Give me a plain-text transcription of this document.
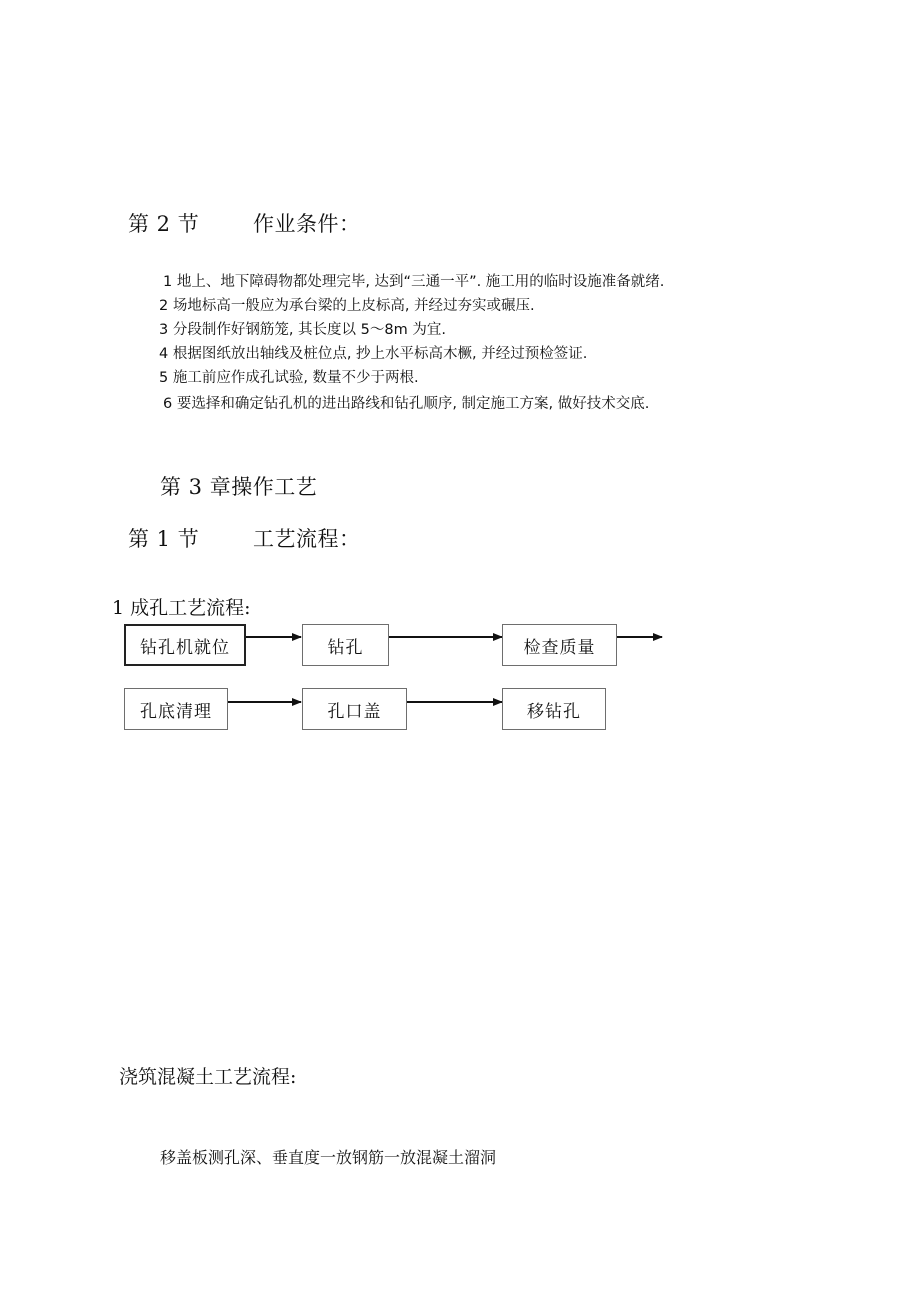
第 2 节	作业条件：
1 地上、地下障碍物都处理完毕, 达到“三通一平”. 施工用的临时设施准备就绪.
2 场地标高一般应为承台梁的上皮标高, 并经过夯实或碾压.
3 分段制作好钢筋笼, 其长度以 5～8m 为宜.
4 根据图纸放出轴线及桩位点, 抄上水平标高木橛, 并经过预检签证.
5 施工前应作成孔试验, 数量不少于两根.
6 要选择和确定钻孔机的进出路线和钻孔顺序, 制定施工方案, 做好技术交底.
第 3 章操作工艺
第 1 节	工艺流程：
1 成孔工艺流程:
钻孔机就位	钻孔	检查质量
孔底清理	孔口盖	移钻孔
浇筑混凝土工艺流程:
移盖板测孔深、垂直度一放钢筋一放混凝土溜洞
